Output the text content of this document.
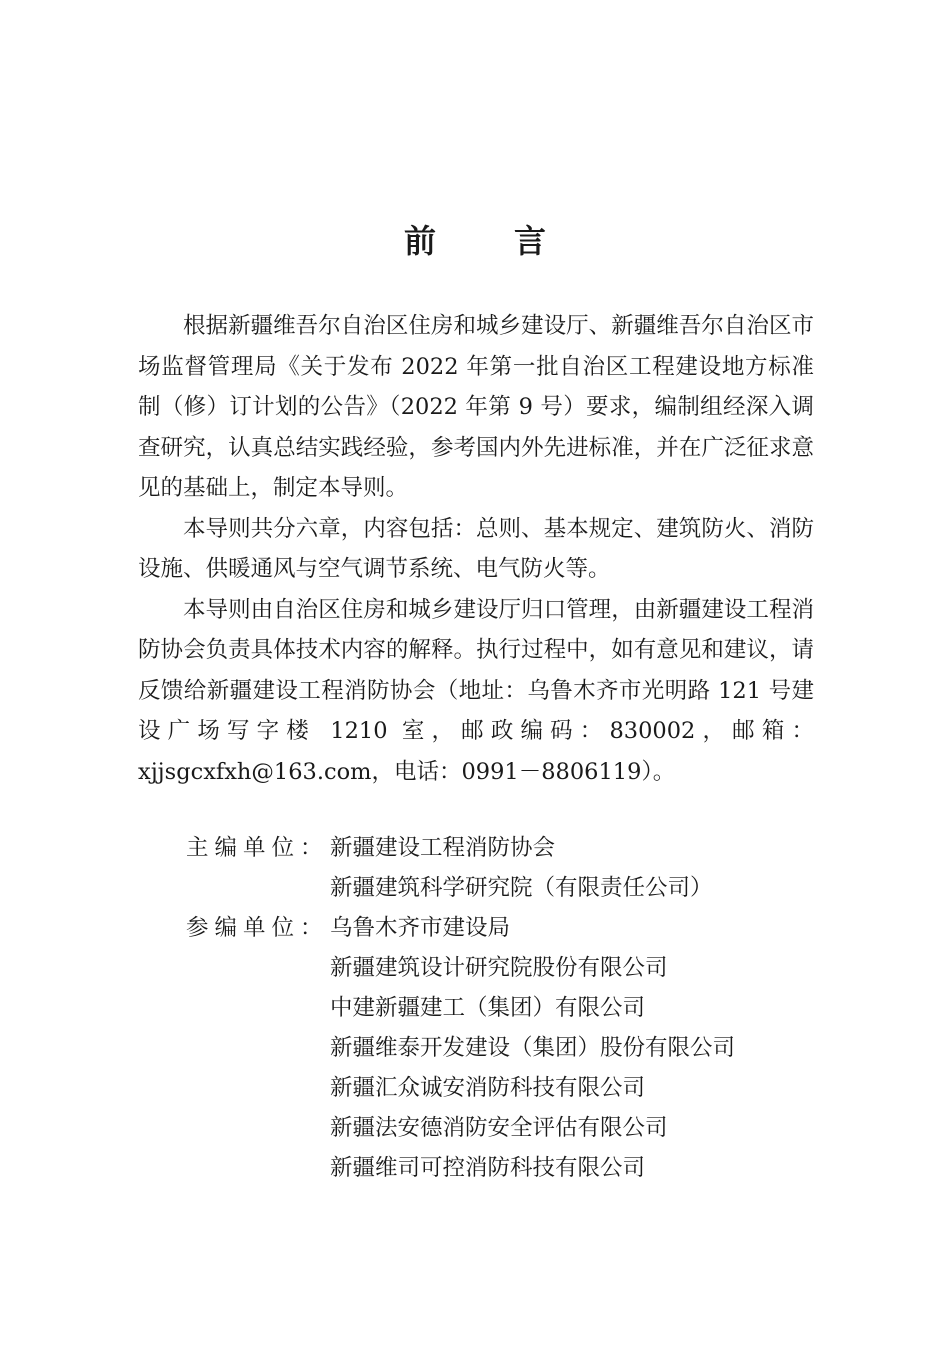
前言

根据新疆维吾尔自治区住房和城乡建设厅、新疆维吾尔自治区市场监督管理局《关于发布 2022 年第一批自治区工程建设地方标准制（修）订计划的公告》（2022 年第 9 号）要求，编制组经深入调查研究，认真总结实践经验，参考国内外先进标准，并在广泛征求意见的基础上，制定本导则。

本导则共分六章，内容包括：总则、基本规定、建筑防火、消防设施、供暖通风与空气调节系统、电气防火等。

本导则由自治区住房和城乡建设厅归口管理，由新疆建设工程消防协会负责具体技术内容的解释。执行过程中，如有意见和建议，请反馈给新疆建设工程消防协会（地址：乌鲁木齐市光明路 121 号建设广场写字楼 1210 室，邮政编码：830002，邮箱：xjjsgcxfxh@163.com，电话：0991－8806119）。

主编单位： 新疆建设工程消防协会
新疆建筑科学研究院（有限责任公司）
参编单位： 乌鲁木齐市建设局
新疆建筑设计研究院股份有限公司
中建新疆建工（集团）有限公司
新疆维泰开发建设（集团）股份有限公司
新疆汇众诚安消防科技有限公司
新疆法安德消防安全评估有限公司
新疆维司可控消防科技有限公司
